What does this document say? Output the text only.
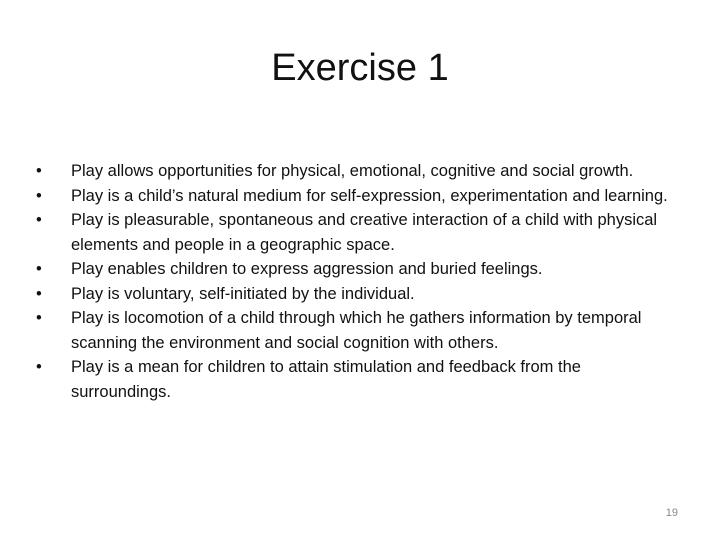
Exercise 1
•	Play allows opportunities for physical, emotional, cognitive and social growth.
•	Play is a child’s natural medium for self-expression, experimentation and learning.
•	Play is pleasurable, spontaneous and creative interaction of a child with physical elements and people in a geographic space.
•	Play enables children to express aggression and buried feelings.
•	Play is voluntary, self-initiated by the individual.
•	Play is locomotion of a child through which he gathers information by temporal scanning the environment and social cognition with others.
•	Play is a mean for children to attain stimulation and feedback from the surroundings.
19
